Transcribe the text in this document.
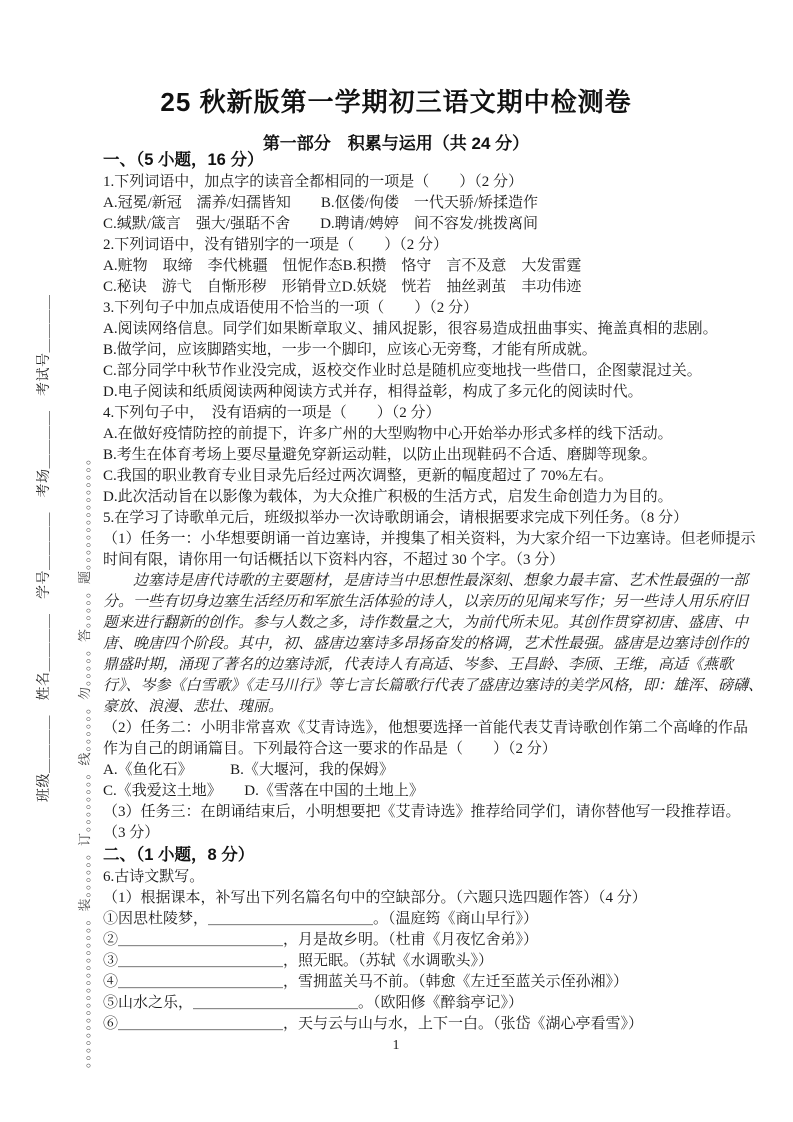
。。。。。。。。。。。。。。。。。。。。装。。。。。。订。。。。。。。。线。。。。。。勿。。。。。答。。。。。题。。。。。。。。。。。。。。。
班级＿＿＿＿　姓名＿＿＿＿　学号＿＿＿＿　考场＿＿＿＿　考试号＿＿＿＿
25 秋新版第一学期初三语文期中检测卷
第一部分　积累与运用（共 24 分）
一、（5 小题，16 分）
1.下列词语中，加点字的读音全都相同的一项是（　　）（2 分）
A.冠冕/新冠　濡养/妇孺皆知　　B.伛偻/佝偻　一代天骄/矫揉造作
C.缄默/箴言　强大/强聒不舍　　D.聘请/娉婷　间不容发/挑拨离间
2.下列词语中，没有错别字的一项是（　　）（2 分）
A.赃物　取缔　李代桃疆　忸怩作态B.积攒　恪守　言不及意　大发雷霆
C.秘诀　游弋　自惭形秽　形销骨立D.妖娆　恍若　抽丝剥茧　丰功伟迹
3.下列句子中加点成语使用不恰当的一项（　　）（2 分）
A.阅读网络信息。同学们如果断章取义、捕风捉影，很容易造成扭曲事实、掩盖真相的悲剧。
B.做学问，应该脚踏实地，一步一个脚印，应该心无旁骛，才能有所成就。
C.部分同学中秋节作业没完成，返校交作业时总是随机应变地找一些借口，企图蒙混过关。
D.电子阅读和纸质阅读两种阅读方式并存，相得益彰，构成了多元化的阅读时代。
4.下列句子中，　没有语病的一项是（　　）（2 分）
A.在做好疫情防控的前提下，许多广州的大型购物中心开始举办形式多样的线下活动。
B.考生在体育考场上要尽量避免穿新运动鞋，以防止出现鞋码不合适、磨脚等现象。
C.我国的职业教育专业目录先后经过两次调整，更新的幅度超过了 70%左右。
D.此次活动旨在以影像为载体，为大众推广积极的生活方式，启发生命创造力为目的。
5.在学习了诗歌单元后，班级拟举办一次诗歌朗诵会，请根据要求完成下列任务。（8 分）
（1）任务一：小华想要朗诵一首边塞诗，并搜集了相关资料，为大家介绍一下边塞诗。但老师提示
时间有限，请你用一句话概括以下资料内容，不超过 30 个字。（3 分）
　　边塞诗是唐代诗歌的主要题材，是唐诗当中思想性最深刻、想象力最丰富、艺术性最强的一部
分。一些有切身边塞生活经历和军旅生活体验的诗人，以亲历的见闻来写作；另一些诗人用乐府旧
题来进行翻新的创作。参与人数之多，诗作数量之大，为前代所未见。其创作贯穿初唐、盛唐、中
唐、晚唐四个阶段。其中，初、盛唐边塞诗多昂扬奋发的格调，艺术性最强。盛唐是边塞诗创作的
鼎盛时期，涌现了著名的边塞诗派，代表诗人有高适、岑参、王昌龄、李颀、王维，高适《燕歌
行》、岑参《白雪歌》《走马川行》等七言长篇歌行代表了盛唐边塞诗的美学风格，即：雄浑、磅礴、
豪放、浪漫、悲壮、瑰丽。
（2）任务二：小明非常喜欢《艾青诗选》，他想要选择一首能代表艾青诗歌创作第二个高峰的作品
作为自己的朗诵篇目。下列最符合这一要求的作品是（　　）（2 分）
A.《鱼化石》　　　B.《大堰河，我的保姆》
C.《我爱这土地》　　D.《雪落在中国的土地上》
（3）任务三：在朗诵结束后，小明想要把《艾青诗选》推荐给同学们，请你替他写一段推荐语。
（3 分）
二、（1 小题，8 分）
6.古诗文默写。
（1）根据课本，补写出下列名篇名句中的空缺部分。（六题只选四题作答）（4 分）
①因思杜陵梦，＿＿＿＿＿＿＿＿＿＿＿。（温庭筠《商山早行》）
②＿＿＿＿＿＿＿＿＿＿＿，月是故乡明。（杜甫《月夜忆舍弟》）
③＿＿＿＿＿＿＿＿＿＿＿，照无眠。（苏轼《水调歌头》）
④＿＿＿＿＿＿＿＿＿＿＿，雪拥蓝关马不前。（韩愈《左迁至蓝关示侄孙湘》）
⑤山水之乐，＿＿＿＿＿＿＿＿＿＿＿。（欧阳修《醉翁亭记》）
⑥＿＿＿＿＿＿＿＿＿＿＿，天与云与山与水，上下一白。（张岱《湖心亭看雪》）
1
